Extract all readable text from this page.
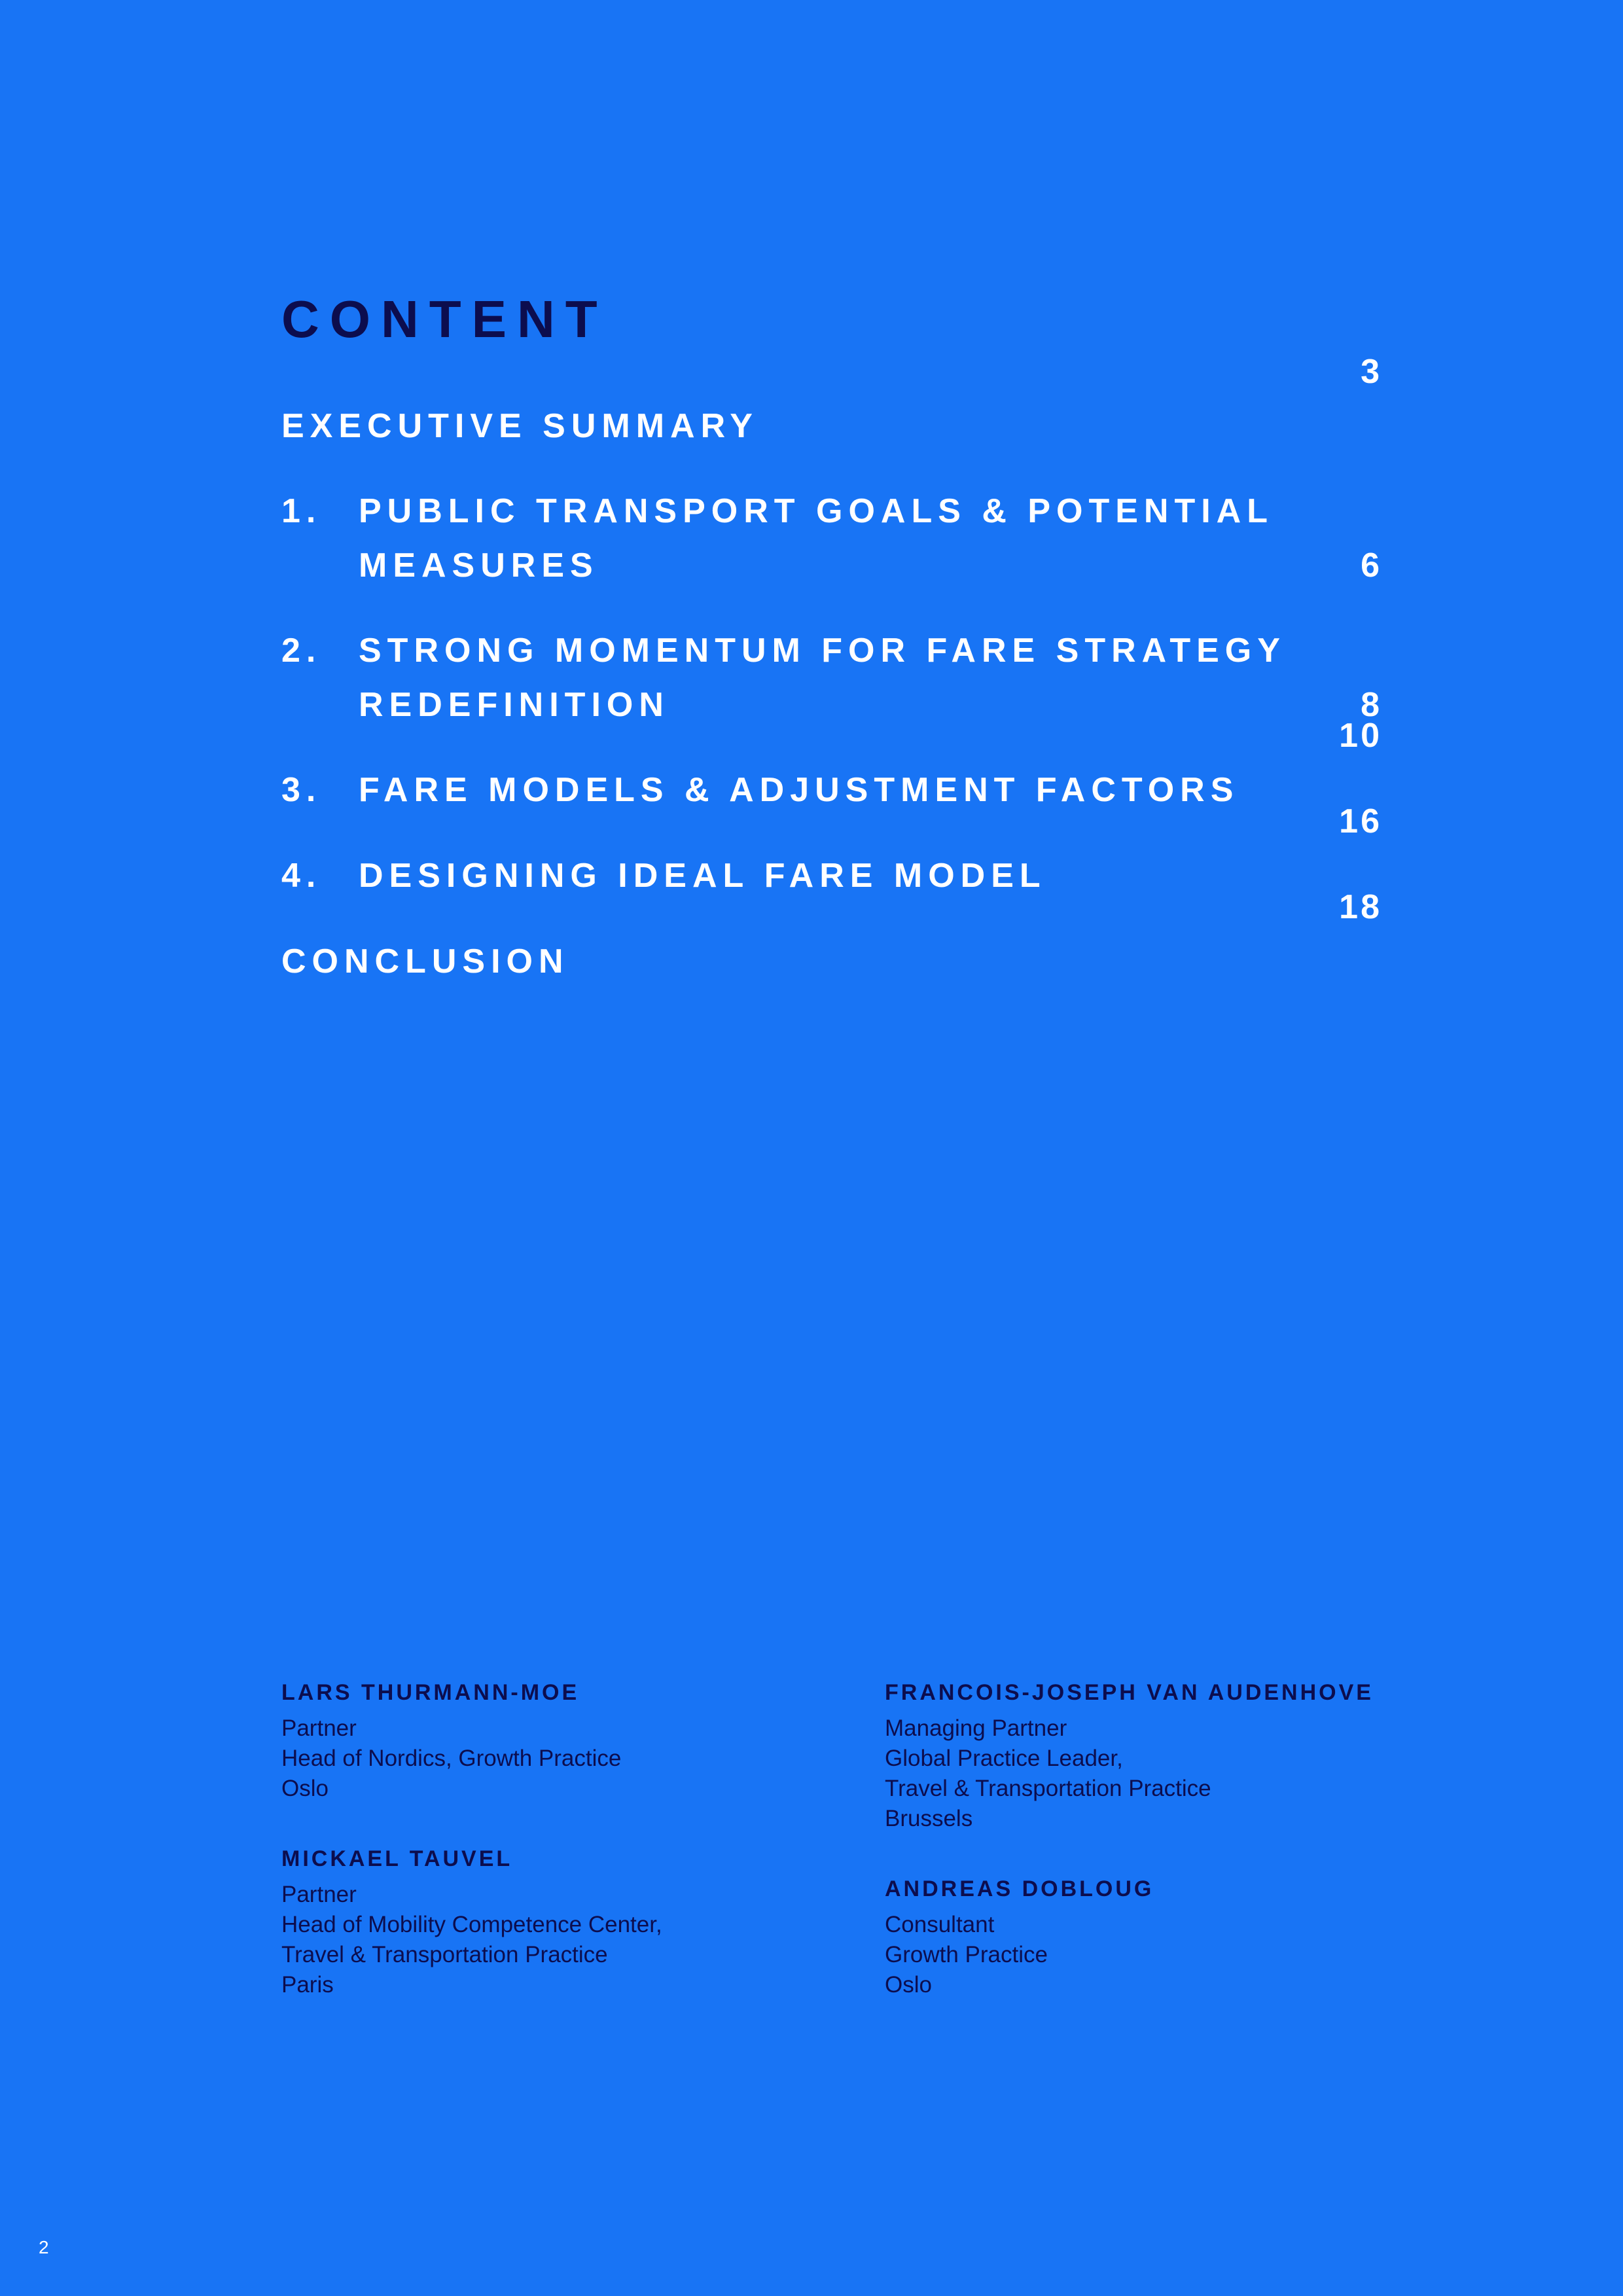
CONTENT
EXECUTIVE SUMMARY
3
1. PUBLIC TRANSPORT GOALS & POTENTIAL MEASURES	6
2. STRONG MOMENTUM FOR FARE STRATEGY REDEFINITION	8
3. FARE MODELS & ADJUSTMENT FACTORS
10
4. DESIGNING IDEAL FARE MODEL
16
CONCLUSION
18
LARS THURMANN-MOE
Partner
Head of Nordics, Growth Practice
Oslo
FRANCOIS-JOSEPH VAN AUDENHOVE
Managing Partner
Global Practice Leader,
Travel & Transportation Practice
Brussels
MICKAEL TAUVEL
Partner
Head of Mobility Competence Center,
Travel & Transportation Practice
Paris
ANDREAS DOBLOUG
Consultant
Growth Practice
Oslo
2
